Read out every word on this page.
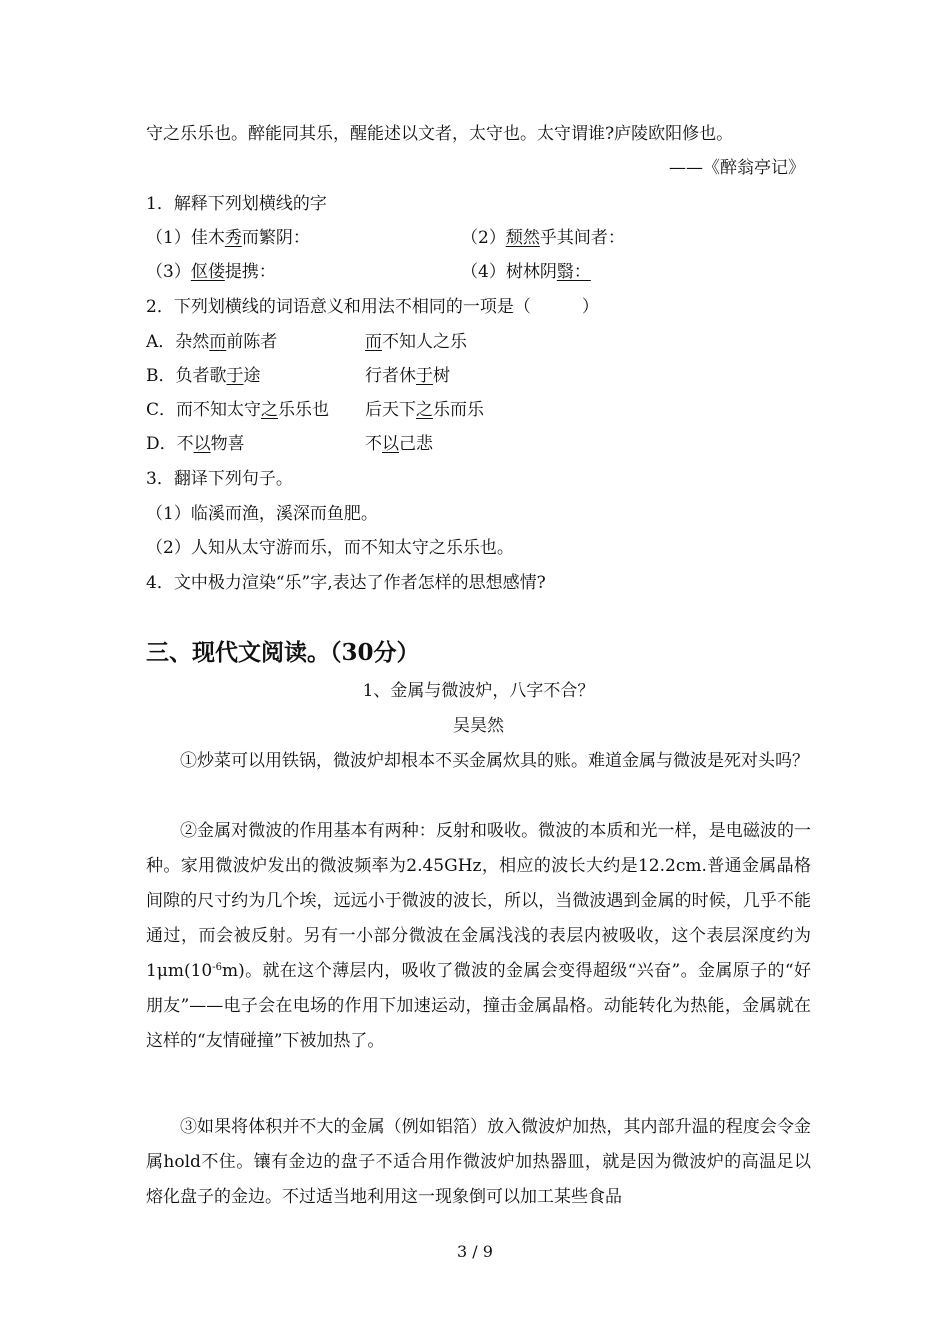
守之乐乐也。醉能同其乐，醒能述以文者，太守也。太守谓谁?庐陵欧阳修也。
——《醉翁亭记》
1．解释下列划横线的字
（1）佳木秀而繁阴：	（2）颓然乎其间者：
（3）伛偻提携：	（4）树林阴翳：
2．下列划横线的词语意义和用法不相同的一项是（　　　）
A．杂然而前陈者	而不知人之乐
B．负者歌于途	行者休于树
C．而不知太守之乐乐也 后天下之乐而乐
D．不以物喜	不以己悲
3．翻译下列句子。
（1）临溪而渔，溪深而鱼肥。
（2）人知从太守游而乐，而不知太守之乐乐也。
4．文中极力渲染“乐”字,表达了作者怎样的思想感情?
三、现代文阅读。（30分）
1、金属与微波炉，八字不合？
吴昊然
①炒菜可以用铁锅，微波炉却根本不买金属炊具的账。难道金属与微波是死对头吗？
②金属对微波的作用基本有两种：反射和吸收。微波的本质和光一样，是电磁波的一种。家用微波炉发出的微波频率为2.45GHz，相应的波长大约是12.2cm.普通金属晶格间隙的尺寸约为几个埃，远远小于微波的波长，所以，当微波遇到金属的时候，几乎不能通过，而会被反射。另有一小部分微波在金属浅浅的表层内被吸收，这个表层深度约为$1\mu m(10^{-6}m)$。就在这个薄层内，吸收了微波的金属会变得超级“兴奋”。金属原子的“好朋友”——电子会在电场的作用下加速运动，撞击金属晶格。动能转化为热能，金属就在这样的“友情碰撞”下被加热了。
③如果将体积并不大的金属（例如铝箔）放入微波炉加热，其内部升温的程度会令金属hold不住。镶有金边的盘子不适合用作微波炉加热器皿，就是因为微波炉的高温足以熔化盘子的金边。不过适当地利用这一现象倒可以加工某些食品
3 / 9
